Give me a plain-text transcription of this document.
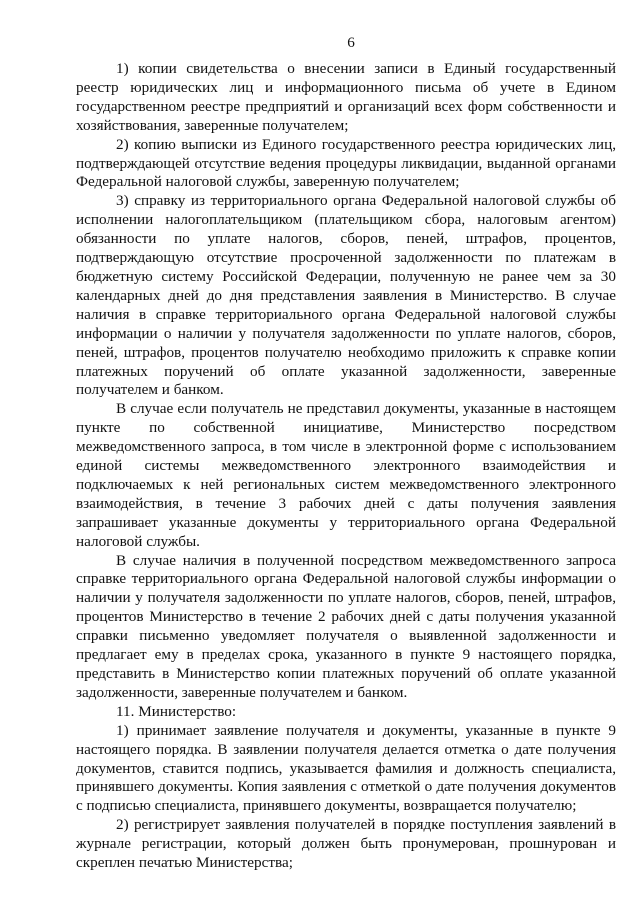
6

1) копии свидетельства о внесении записи в Единый государственный реестр юридических лиц и информационного письма об учете в Едином государственном реестре предприятий и организаций всех форм собственности и хозяйствования, заверенные получателем;

2) копию выписки из Единого государственного реестра юридических лиц, подтверждающей отсутствие ведения процедуры ликвидации, выданной органами Федеральной налоговой службы, заверенную получателем;

3) справку из территориального органа Федеральной налоговой службы об исполнении налогоплательщиком (плательщиком сбора, налоговым агентом) обязанности по уплате налогов, сборов, пеней, штрафов, процентов, подтверждающую отсутствие просроченной задолженности по платежам в бюджетную систему Российской Федерации, полученную не ранее чем за 30 календарных дней до дня представления заявления в Министерство. В случае наличия в справке территориального органа Федеральной налоговой службы информации о наличии у получателя задолженности по уплате налогов, сборов, пеней, штрафов, процентов получателю необходимо приложить к справке копии платежных поручений об оплате указанной задолженности, заверенные получателем и банком.

В случае если получатель не представил документы, указанные в настоящем пункте по собственной инициативе, Министерство посредством межведомственного запроса, в том числе в электронной форме с использованием единой системы межведомственного электронного взаимодействия и подключаемых к ней региональных систем межведомственного электронного взаимодействия, в течение 3 рабочих дней с даты получения заявления запрашивает указанные документы у территориального органа Федеральной налоговой службы.

В случае наличия в полученной посредством межведомственного запроса справке территориального органа Федеральной налоговой службы информации о наличии у получателя задолженности по уплате налогов, сборов, пеней, штрафов, процентов Министерство в течение 2 рабочих дней с даты получения указанной справки письменно уведомляет получателя о выявленной задолженности и предлагает ему в пределах срока, указанного в пункте 9 настоящего порядка, представить в Министерство копии платежных поручений об оплате указанной задолженности, заверенные получателем и банком.

11. Министерство:

1) принимает заявление получателя и документы, указанные в пункте 9 настоящего порядка. В заявлении получателя делается отметка о дате получения документов, ставится подпись, указывается фамилия и должность специалиста, принявшего документы. Копия заявления с отметкой о дате получения документов с подписью специалиста, принявшего документы, возвращается получателю;

2) регистрирует заявления получателей в порядке поступления заявлений в журнале регистрации, который должен быть пронумерован, прошнурован и скреплен печатью Министерства;
